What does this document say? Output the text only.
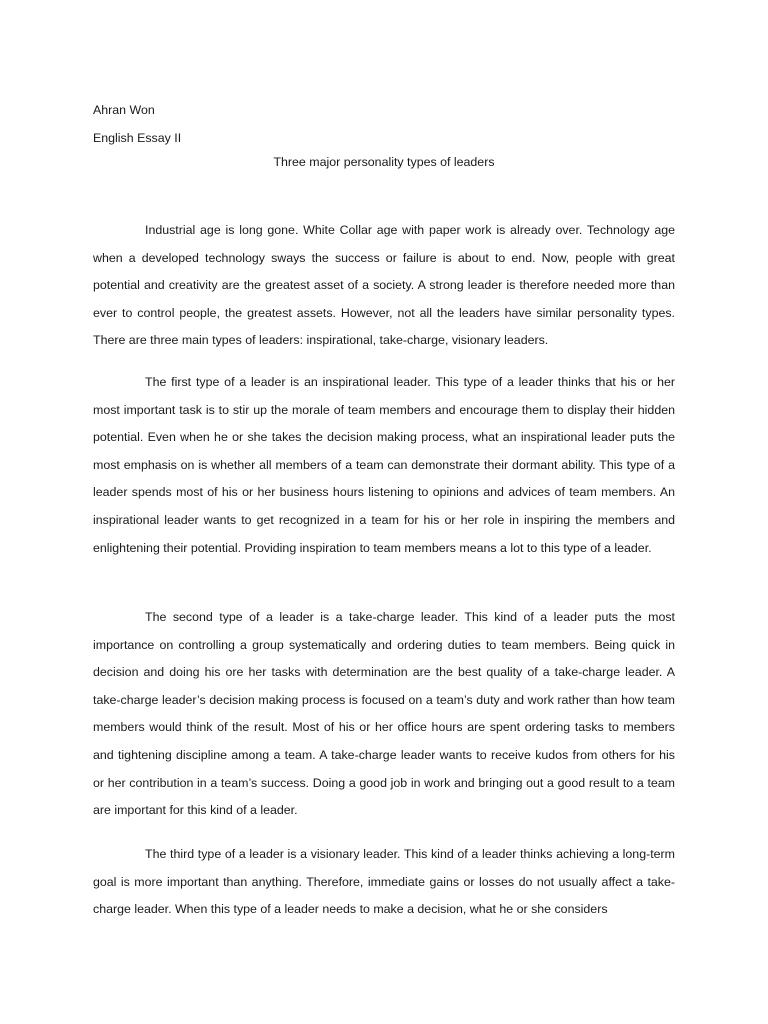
Ahran Won
English Essay II
Three major personality types of leaders

Industrial age is long gone. White Collar age with paper work is already over. Technology age when a developed technology sways the success or failure is about to end. Now, people with great potential and creativity are the greatest asset of a society. A strong leader is therefore needed more than ever to control people, the greatest assets. However, not all the leaders have similar personality types. There are three main types of leaders: inspirational, take-charge, visionary leaders.

The first type of a leader is an inspirational leader. This type of a leader thinks that his or her most important task is to stir up the morale of team members and encourage them to display their hidden potential. Even when he or she takes the decision making process, what an inspirational leader puts the most emphasis on is whether all members of a team can demonstrate their dormant ability. This type of a leader spends most of his or her business hours listening to opinions and advices of team members. An inspirational leader wants to get recognized in a team for his or her role in inspiring the members and enlightening their potential. Providing inspiration to team members means a lot to this type of a leader.

The second type of a leader is a take-charge leader. This kind of a leader puts the most importance on controlling a group systematically and ordering duties to team members. Being quick in decision and doing his ore her tasks with determination are the best quality of a take-charge leader. A take-charge leader’s decision making process is focused on a team’s duty and work rather than how team members would think of the result. Most of his or her office hours are spent ordering tasks to members and tightening discipline among a team. A take-charge leader wants to receive kudos from others for his or her contribution in a team’s success. Doing a good job in work and bringing out a good result to a team are important for this kind of a leader.

The third type of a leader is a visionary leader. This kind of a leader thinks achieving a long-term goal is more important than anything. Therefore, immediate gains or losses do not usually affect a take-charge leader. When this type of a leader needs to make a decision, what he or she considers
